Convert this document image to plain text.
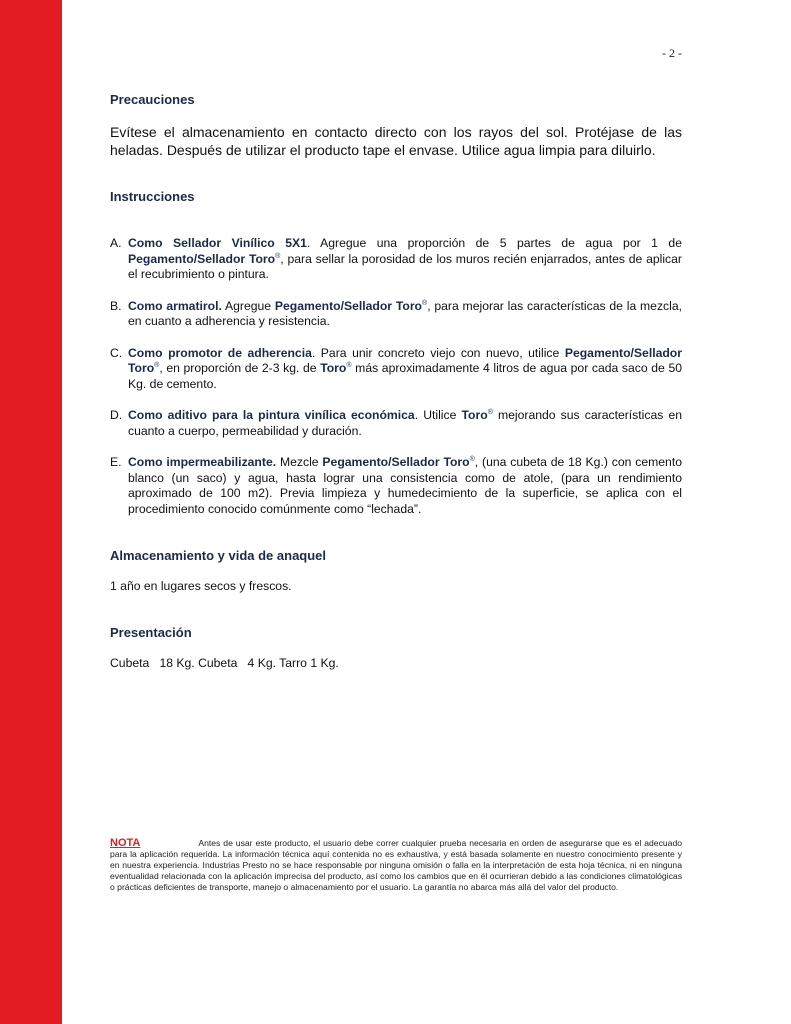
- 2 -
Precauciones

Evítese el almacenamiento en contacto directo con los rayos del sol. Protéjase de las heladas. Después de utilizar el producto tape el envase. Utilice agua limpia para diluirlo.

Instrucciones
A. Como Sellador Vinílico 5X1. Agregue una proporción de 5 partes de agua por 1 de Pegamento/Sellador Toro®, para sellar la porosidad de los muros recién enjarrados, antes de aplicar el recubrimiento o pintura.
B. Como armatirol. Agregue Pegamento/Sellador Toro®, para mejorar las características de la mezcla, en cuanto a adherencia y resistencia.
C. Como promotor de adherencia. Para unir concreto viejo con nuevo, utilice Pegamento/Sellador Toro®, en proporción de 2-3 kg. de Toro® más aproximadamente 4 litros de agua por cada saco de 50 Kg. de cemento.
D. Como aditivo para la pintura vinílica económica. Utilice Toro® mejorando sus características en cuanto a cuerpo, permeabilidad y duración.
E. Como impermeabilizante. Mezcle Pegamento/Sellador Toro®, (una cubeta de 18 Kg.) con cemento blanco (un saco) y agua, hasta lograr una consistencia como de atole, (para un rendimiento aproximado de 100 m2). Previa limpieza y humedecimiento de la superficie, se aplica con el procedimiento conocido comúnmente como “lechada”.
Almacenamiento y vida de anaquel

1 año en lugares secos y frescos.

Presentación

Cubeta   18 Kg. Cubeta   4 Kg. Tarro 1 Kg.

NOTA	Antes de usar este producto, el usuario debe correr cualquier prueba necesaria en orden de asegurarse que es el adecuado para la aplicación requerida. La información técnica aquí contenida no es exhaustiva, y está basada solamente en nuestro conocimiento presente y en nuestra experiencia. Industrias Presto no se hace responsable por ninguna omisión o falla en la interpretación de esta hoja técnica, ni en ninguna eventualidad relacionada con la aplicación imprecisa del producto, así como los cambios que en él ocurrieran debido a las condiciones climatológicas o prácticas deficientes de transporte, manejo o almacenamiento por el usuario. La garantía no abarca más allá del valor del producto.
